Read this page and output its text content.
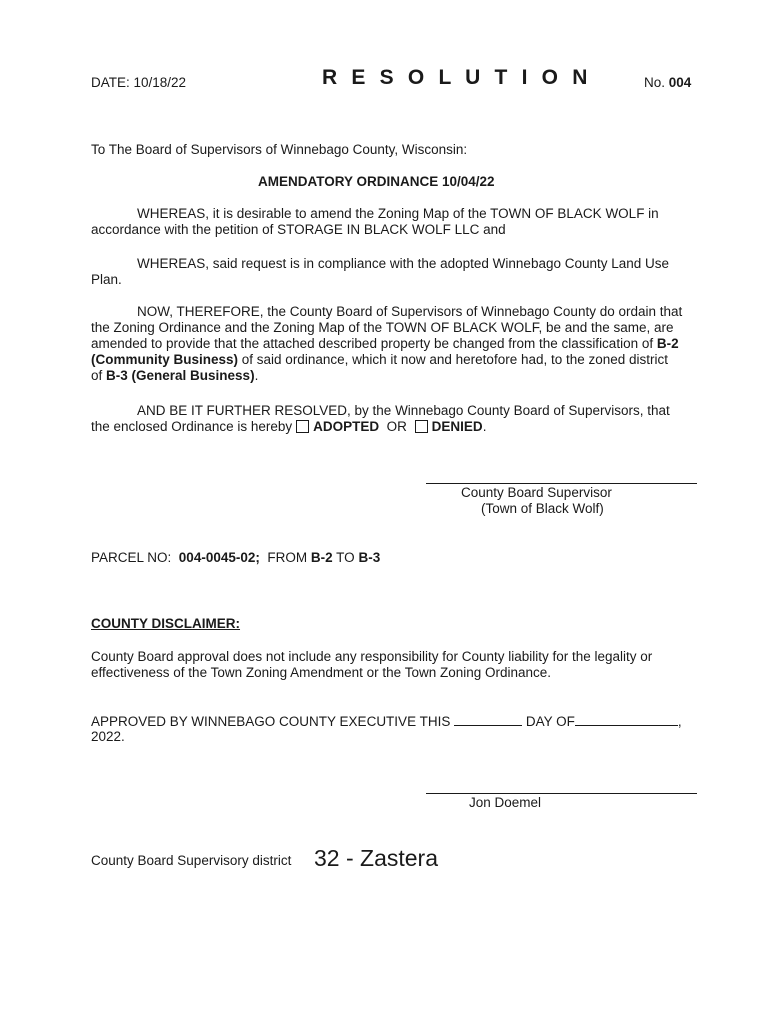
DATE: 10/18/22	R E S O L U T I O N	No. 004
To The Board of Supervisors of Winnebago County, Wisconsin:
AMENDATORY ORDINANCE 10/04/22
WHEREAS, it is desirable to amend the Zoning Map of the TOWN OF BLACK WOLF in
accordance with the petition of STORAGE IN BLACK WOLF LLC and
WHEREAS, said request is in compliance with the adopted Winnebago County Land Use
Plan.
NOW, THEREFORE, the County Board of Supervisors of Winnebago County do ordain that
the Zoning Ordinance and the Zoning Map of the TOWN OF BLACK WOLF, be and the same, are
amended to provide that the attached described property be changed from the classification of B-2
(Community Business) of said ordinance, which it now and heretofore had, to the zoned district
of B-3 (General Business).
AND BE IT FURTHER RESOLVED, by the Winnebago County Board of Supervisors, that
the enclosed Ordinance is hereby ADOPTED OR DENIED.
County Board Supervisor
(Town of Black Wolf)
PARCEL NO: 004-0045-02; FROM B-2 TO B-3
COUNTY DISCLAIMER:
County Board approval does not include any responsibility for County liability for the legality or
effectiveness of the Town Zoning Amendment or the Town Zoning Ordinance.
APPROVED BY WINNEBAGO COUNTY EXECUTIVE THIS	DAY OF	,
2022.
Jon Doemel
County Board Supervisory district 32 - Zastera
